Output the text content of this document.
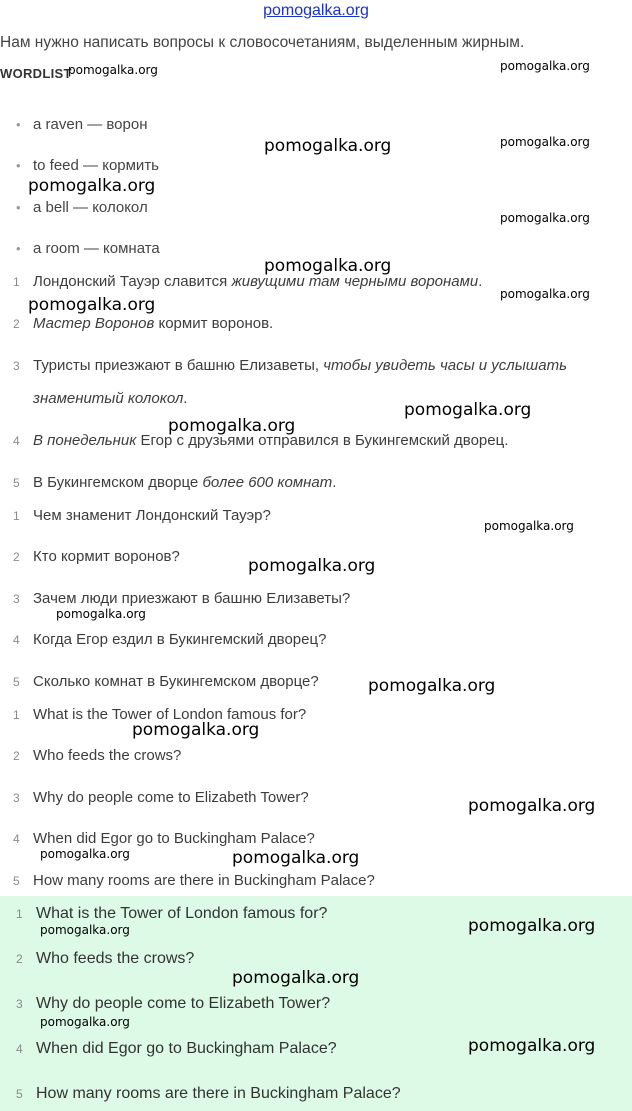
pomogalka.org
Нам нужно написать вопросы к словосочетаниям, выделенным жирным.
WORDLIST
• a raven — ворон
• to feed — кормить
• a bell — колокол
• a room — комната
1 Лондонский Тауэр славится живущими там черными воронами.
2 Мастер Воронов кормит воронов.
3 Туристы приезжают в башню Елизаветы, чтобы увидеть часы и услышать
знаменитый колокол.
4 В понедельник Егор с друзьями отправился в Букингемский дворец.
5 В Букингемском дворце более 600 комнат.
1 Чем знаменит Лондонский Тауэр?
2 Кто кормит воронов?
3 Зачем люди приезжают в башню Елизаветы?
4 Когда Егор ездил в Букингемский дворец?
5 Сколько комнат в Букингемском дворце?
1 What is the Tower of London famous for?
2 Who feeds the crows?
3 Why do people come to Elizabeth Tower?
4 When did Egor go to Buckingham Palace?
5 How many rooms are there in Buckingham Palace?
1 What is the Tower of London famous for?
2 Who feeds the crows?
3 Why do people come to Elizabeth Tower?
4 When did Egor go to Buckingham Palace?
5 How many rooms are there in Buckingham Palace?
pomogalka.org	pomogalka.org
pomogalka.org	pomogalka.org
pomogalka.org
pomogalka.org
pomogalka.org
pomogalka.org
pomogalka.org
pomogalka.org
pomogalka.org
pomogalka.org
pomogalka.org
pomogalka.org
pomogalka.org
pomogalka.org
pomogalka.org
pomogalka.org	pomogalka.org
pomogalka.org
pomogalka.org
pomogalka.org
pomogalka.org
pomogalka.org
